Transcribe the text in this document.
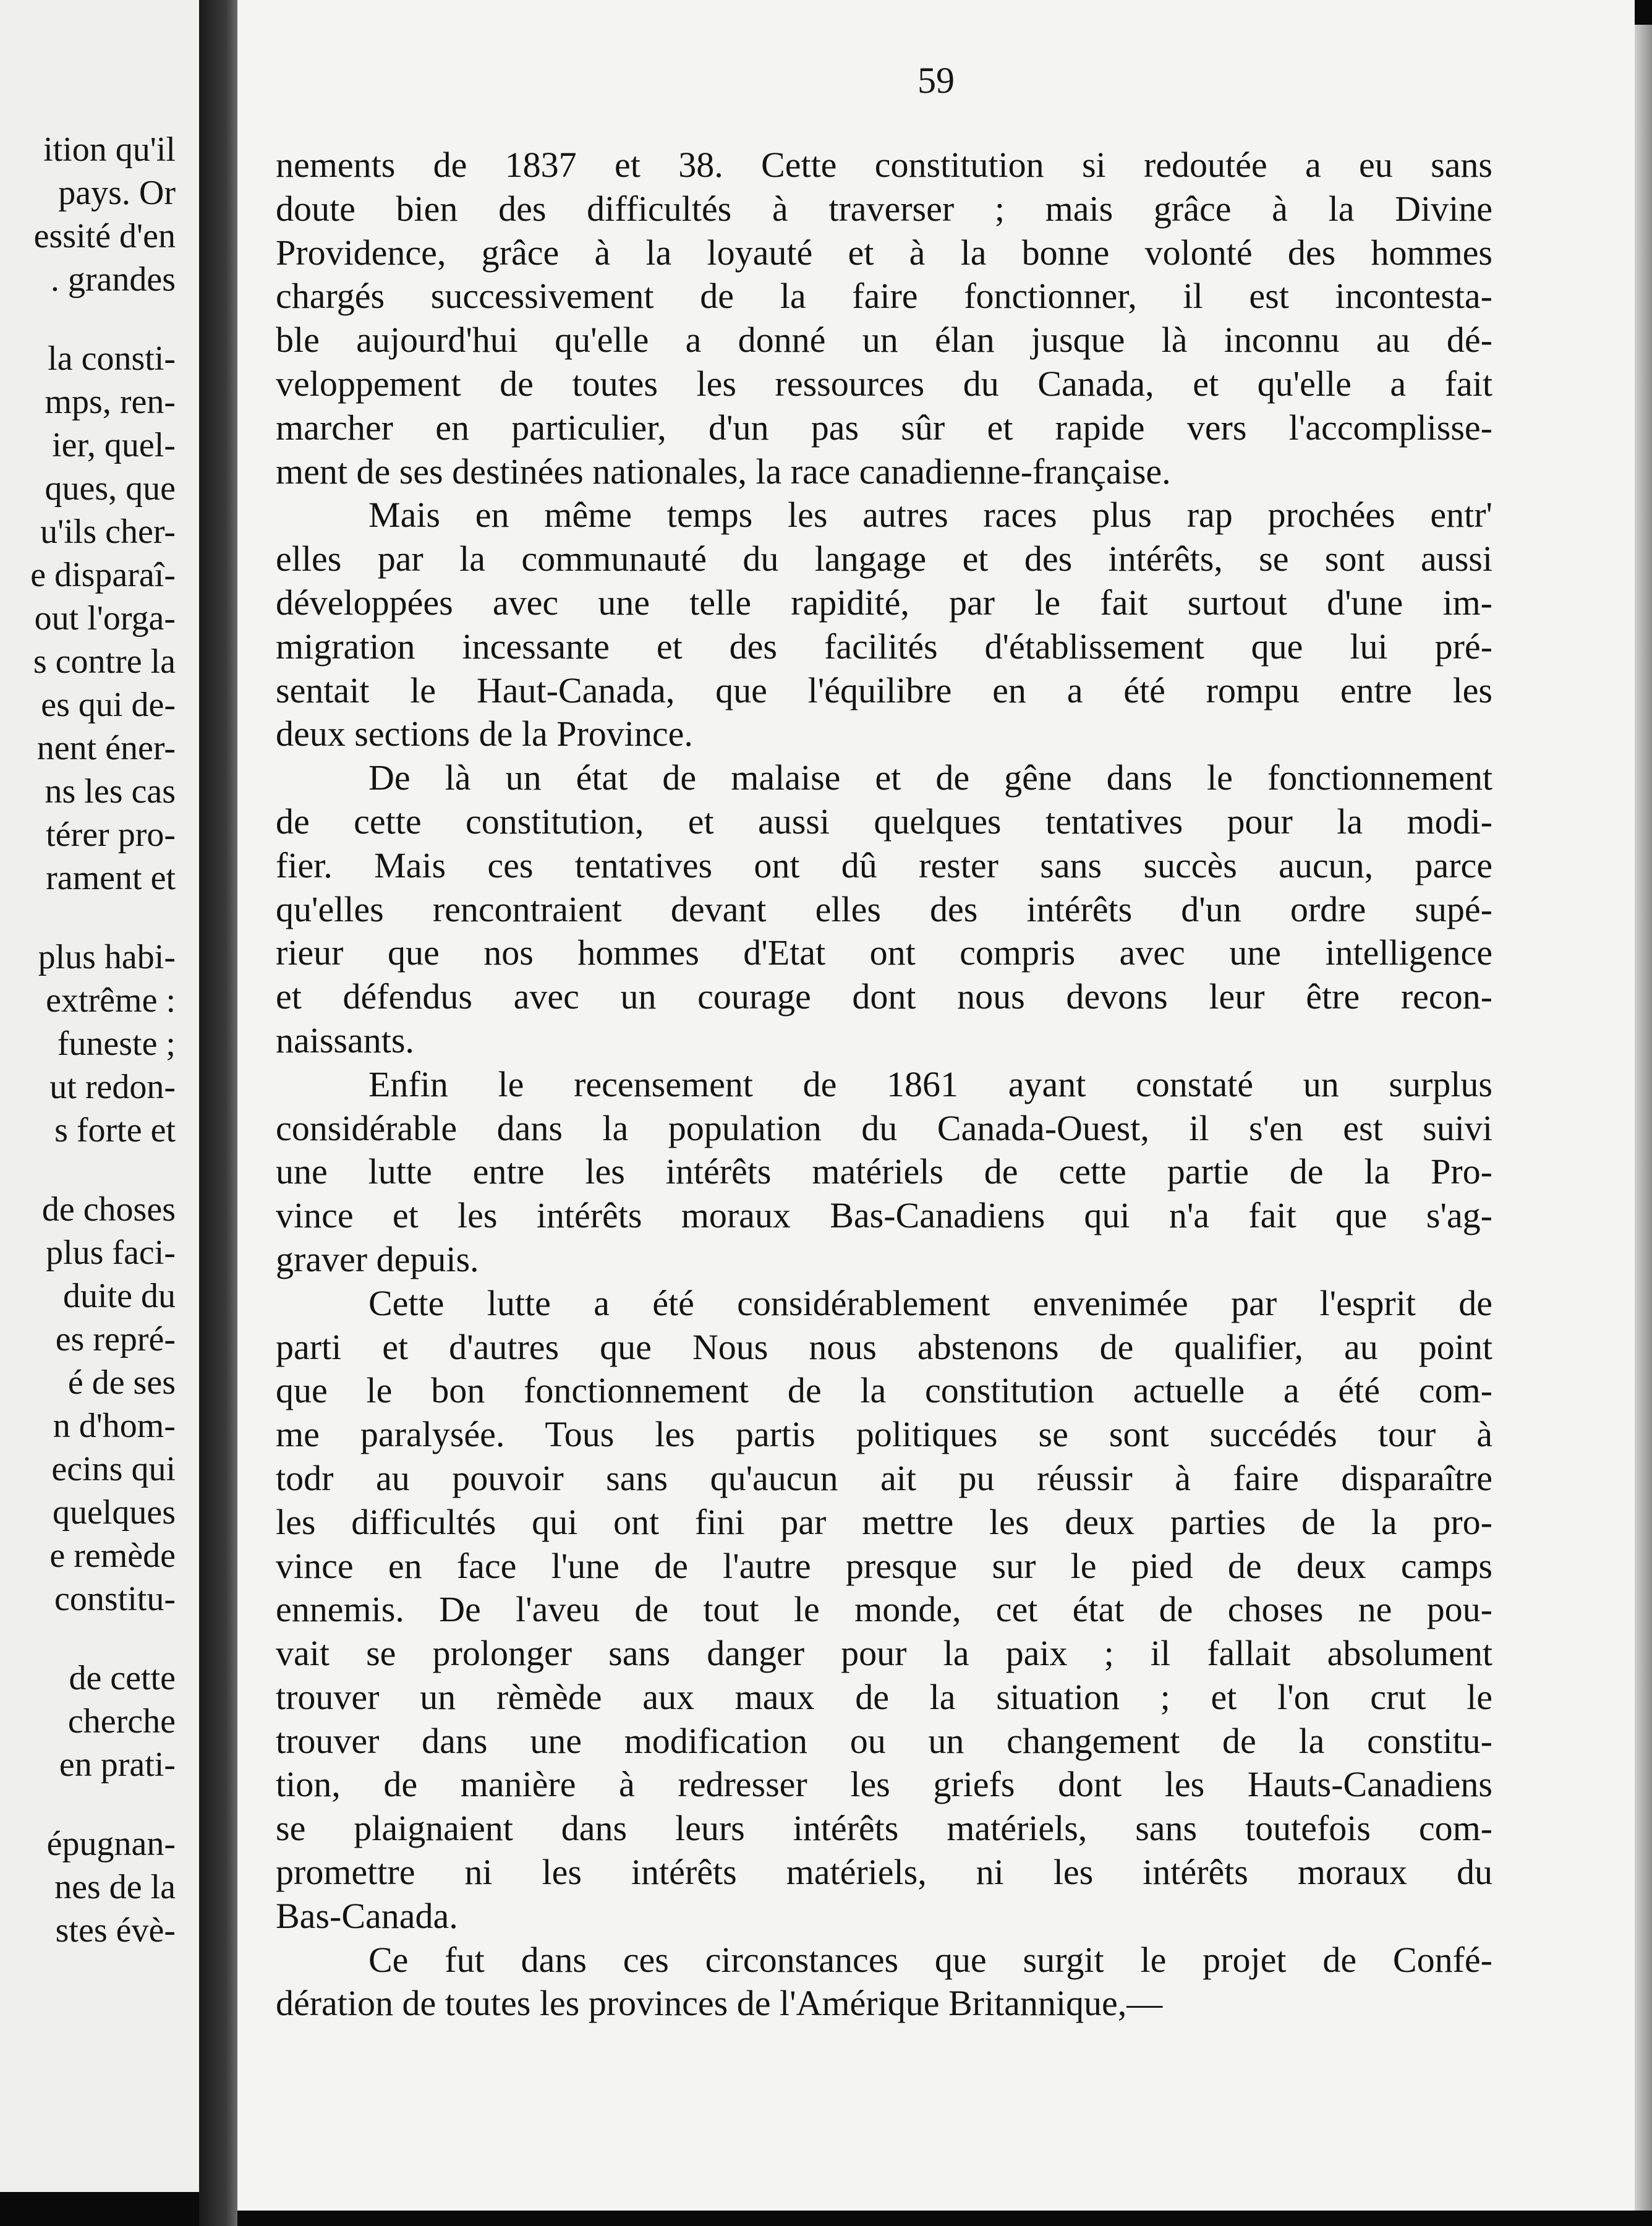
ition qu'il
pays. Or
essité d'en
. grandes
la consti-
mps, ren-
ier, quel-
ques, que
u'ils cher-
e disparaî-
out l'orga-
s contre la
es qui de-
nent éner-
ns les cas
térer pro-
rament et
plus habi-
extrême :
funeste ;
ut redon-
s forte et
de choses
plus faci-
duite du
es repré-
é de ses
n d'hom-
ecins qui
quelques
e remède
constitu-
de cette
cherche
en prati-
épugnan-
nes de la
stes évè-
59
nements de 1837 et 38. Cette constitution si redoutée a eu sans
doute bien des difficultés à traverser ; mais grâce à la Divine
Providence, grâce à la loyauté et à la bonne volonté des hommes
chargés successivement de la faire fonctionner, il est incontesta-
ble aujourd'hui qu'elle a donné un élan jusque là inconnu au dé-
veloppement de toutes les ressources du Canada, et qu'elle a fait
marcher en particulier, d'un pas sûr et rapide vers l'accomplisse-
ment de ses destinées nationales, la race canadienne-française.
Mais en même temps les autres races plus rap prochées entr'
elles par la communauté du langage et des intérêts, se sont aussi
développées avec une telle rapidité, par le fait surtout d'une im-
migration incessante et des facilités d'établissement que lui pré-
sentait le Haut-Canada, que l'équilibre en a été rompu entre les
deux sections de la Province.
De là un état de malaise et de gêne dans le fonctionnement
de cette constitution, et aussi quelques tentatives pour la modi-
fier. Mais ces tentatives ont dû rester sans succès aucun, parce
qu'elles rencontraient devant elles des intérêts d'un ordre supé-
rieur que nos hommes d'Etat ont compris avec une intelligence
et défendus avec un courage dont nous devons leur être recon-
naissants.
Enfin le recensement de 1861 ayant constaté un surplus
considérable dans la population du Canada-Ouest, il s'en est suivi
une lutte entre les intérêts matériels de cette partie de la Pro-
vince et les intérêts moraux Bas-Canadiens qui n'a fait que s'ag-
graver depuis.
Cette lutte a été considérablement envenimée par l'esprit de
parti et d'autres que Nous nous abstenons de qualifier, au point
que le bon fonctionnement de la constitution actuelle a été com-
me paralysée. Tous les partis politiques se sont succédés tour à
todr au pouvoir sans qu'aucun ait pu réussir à faire disparaître
les difficultés qui ont fini par mettre les deux parties de la pro-
vince en face l'une de l'autre presque sur le pied de deux camps
ennemis. De l'aveu de tout le monde, cet état de choses ne pou-
vait se prolonger sans danger pour la paix ; il fallait absolument
trouver un rèmède aux maux de la situation ; et l'on crut le
trouver dans une modification ou un changement de la constitu-
tion, de manière à redresser les griefs dont les Hauts-Canadiens
se plaignaient dans leurs intérêts matériels, sans toutefois com-
promettre ni les intérêts matériels, ni les intérêts moraux du
Bas-Canada.
Ce fut dans ces circonstances que surgit le projet de Confé-
dération de toutes les provinces de l'Amérique Britannique,—
